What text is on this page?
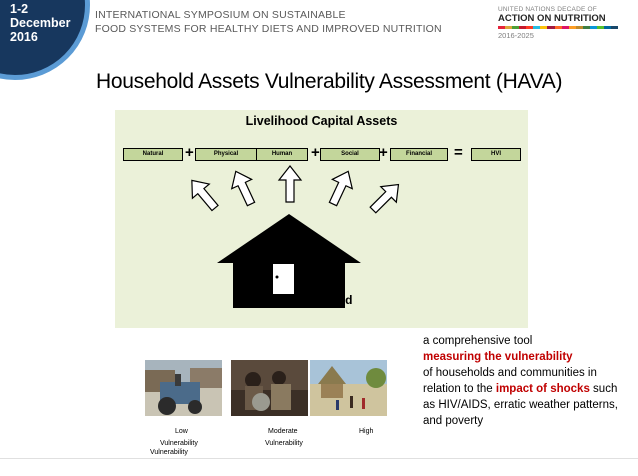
1-2
December
2016
INTERNATIONAL SYMPOSIUM ON SUSTAINABLE
FOOD SYSTEMS FOR HEALTHY DIETS AND IMPROVED NUTRITION
UNITED NATIONS DECADE OF
ACTION ON NUTRITION
2016-2025
Household Assets Vulnerability Assessment (HAVA)
Livelihood Capital Assets
Natural	+	Physical	Human	+	Social	+	Financial	=	HVI
Household
Low
Vulnerability
Vulnerability
Moderate
Vulnerability
High
a comprehensive tool
measuring the vulnerability
of households and communities in relation to the impact of shocks such as HIV/AIDS, erratic weather patterns, and poverty
